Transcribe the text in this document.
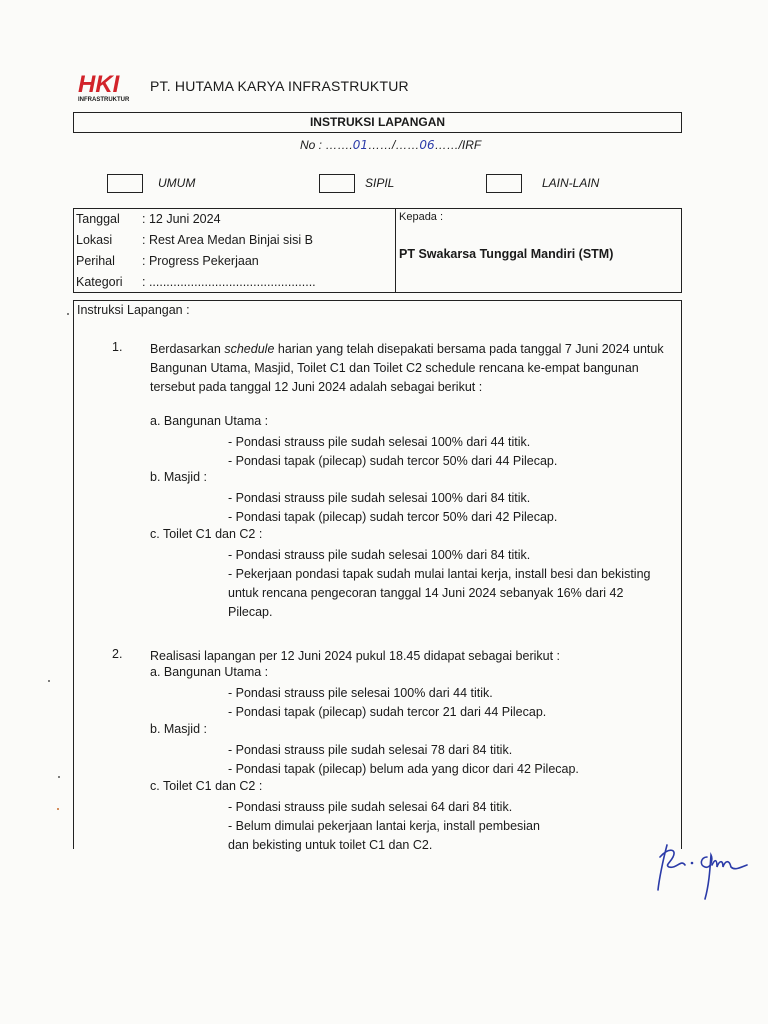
HKI
INFRASTRUKTUR
PT. HUTAMA KARYA INFRASTRUKTUR
INSTRUKSI LAPANGAN
No : …….01……/……06……/IRF
UMUM	SIPIL	LAIN-LAIN
Tanggal : 12 Juni 2024
Lokasi : Rest Area Medan Binjai sisi B
Perihal : Progress Pekerjaan
Kategori : ................................................
Kepada :
PT Swakarsa Tunggal Mandiri (STM)
Instruksi Lapangan :
1. Berdasarkan schedule harian yang telah disepakati bersama pada tanggal 7 Juni 2024 untuk Bangunan Utama, Masjid, Toilet C1 dan Toilet C2 schedule rencana ke-empat bangunan tersebut pada tanggal 12 Juni 2024 adalah sebagai berikut :
a. Bangunan Utama :
- Pondasi strauss pile sudah selesai 100% dari 44 titik.
- Pondasi tapak (pilecap) sudah tercor 50% dari 44 Pilecap.
b. Masjid :
- Pondasi strauss pile sudah selesai 100% dari 84 titik.
- Pondasi tapak (pilecap) sudah tercor 50% dari 42 Pilecap.
c. Toilet C1 dan C2 :
- Pondasi strauss pile sudah selesai 100% dari 84 titik.
- Pekerjaan pondasi tapak sudah mulai lantai kerja, install besi dan bekisting untuk rencana pengecoran tanggal 14 Juni 2024 sebanyak 16% dari 42 Pilecap.
2. Realisasi lapangan per 12 Juni 2024 pukul 18.45 didapat sebagai berikut :
a. Bangunan Utama :
- Pondasi strauss pile selesai 100% dari 44 titik.
- Pondasi tapak (pilecap) sudah tercor 21 dari 44 Pilecap.
b. Masjid :
- Pondasi strauss pile sudah selesai 78 dari 84 titik.
- Pondasi tapak (pilecap) belum ada yang dicor dari 42 Pilecap.
c. Toilet C1 dan C2 :
- Pondasi strauss pile sudah selesai 64 dari 84 titik.
- Belum dimulai pekerjaan lantai kerja, install pembesian
dan bekisting untuk toilet C1 dan C2.
